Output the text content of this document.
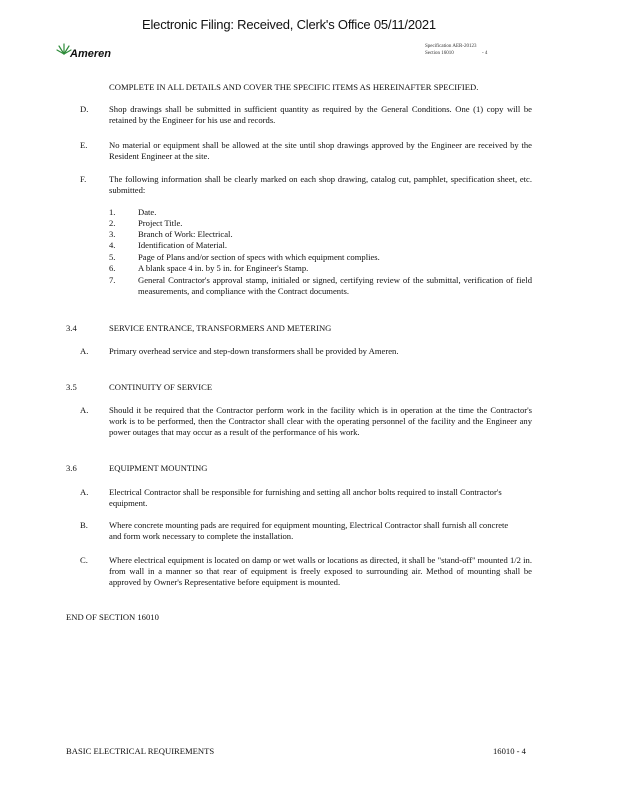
Electronic Filing: Received, Clerk's Office 05/11/2021
Ameren
Specification AER-20123
Section 16010	- 4
COMPLETE IN ALL DETAILS AND COVER THE SPECIFIC ITEMS AS HEREINAFTER SPECIFIED.
D. Shop drawings shall be submitted in sufficient quantity as required by the General Conditions. One (1) copy will be retained by the Engineer for his use and records.
E.	No material or equipment shall be allowed at the site until shop drawings approved by the Engineer are received by the Resident Engineer at the site.
F.	The following information shall be clearly marked on each shop drawing, catalog cut, pamphlet, specification sheet, etc. submitted:
1.	Date.
2.	Project Title.
3.	Branch of Work: Electrical.
4.	Identification of Material.
5.	Page of Plans and/or section of specs with which equipment complies.
6.	A blank space 4 in. by 5 in. for Engineer's Stamp.
7.	General Contractor's approval stamp, initialed or signed, certifying review of the submittal, verification of field measurements, and compliance with the Contract documents.
3.4	SERVICE ENTRANCE, TRANSFORMERS AND METERING
A. Primary overhead service and step-down transformers shall be provided by Ameren.
3.5	CONTINUITY OF SERVICE
A. Should it be required that the Contractor perform work in the facility which is in operation at the time the Contractor's work is to be performed, then the Contractor shall clear with the operating personnel of the facility and the Engineer any power outages that may occur as a result of the performance of his work.
3.6	EQUIPMENT MOUNTING
A. Electrical Contractor shall be responsible for furnishing and setting all anchor bolts required to install Contractor's equipment.
B. Where concrete mounting pads are required for equipment mounting, Electrical Contractor shall furnish all concrete and form work necessary to complete the installation.
C. Where electrical equipment is located on damp or wet walls or locations as directed, it shall be "stand-off" mounted 1/2 in. from wall in a manner so that rear of equipment is freely exposed to surrounding air. Method of mounting shall be approved by Owner's Representative before equipment is mounted.
END OF SECTION 16010
BASIC ELECTRICAL REQUIREMENTS	16010 - 4
